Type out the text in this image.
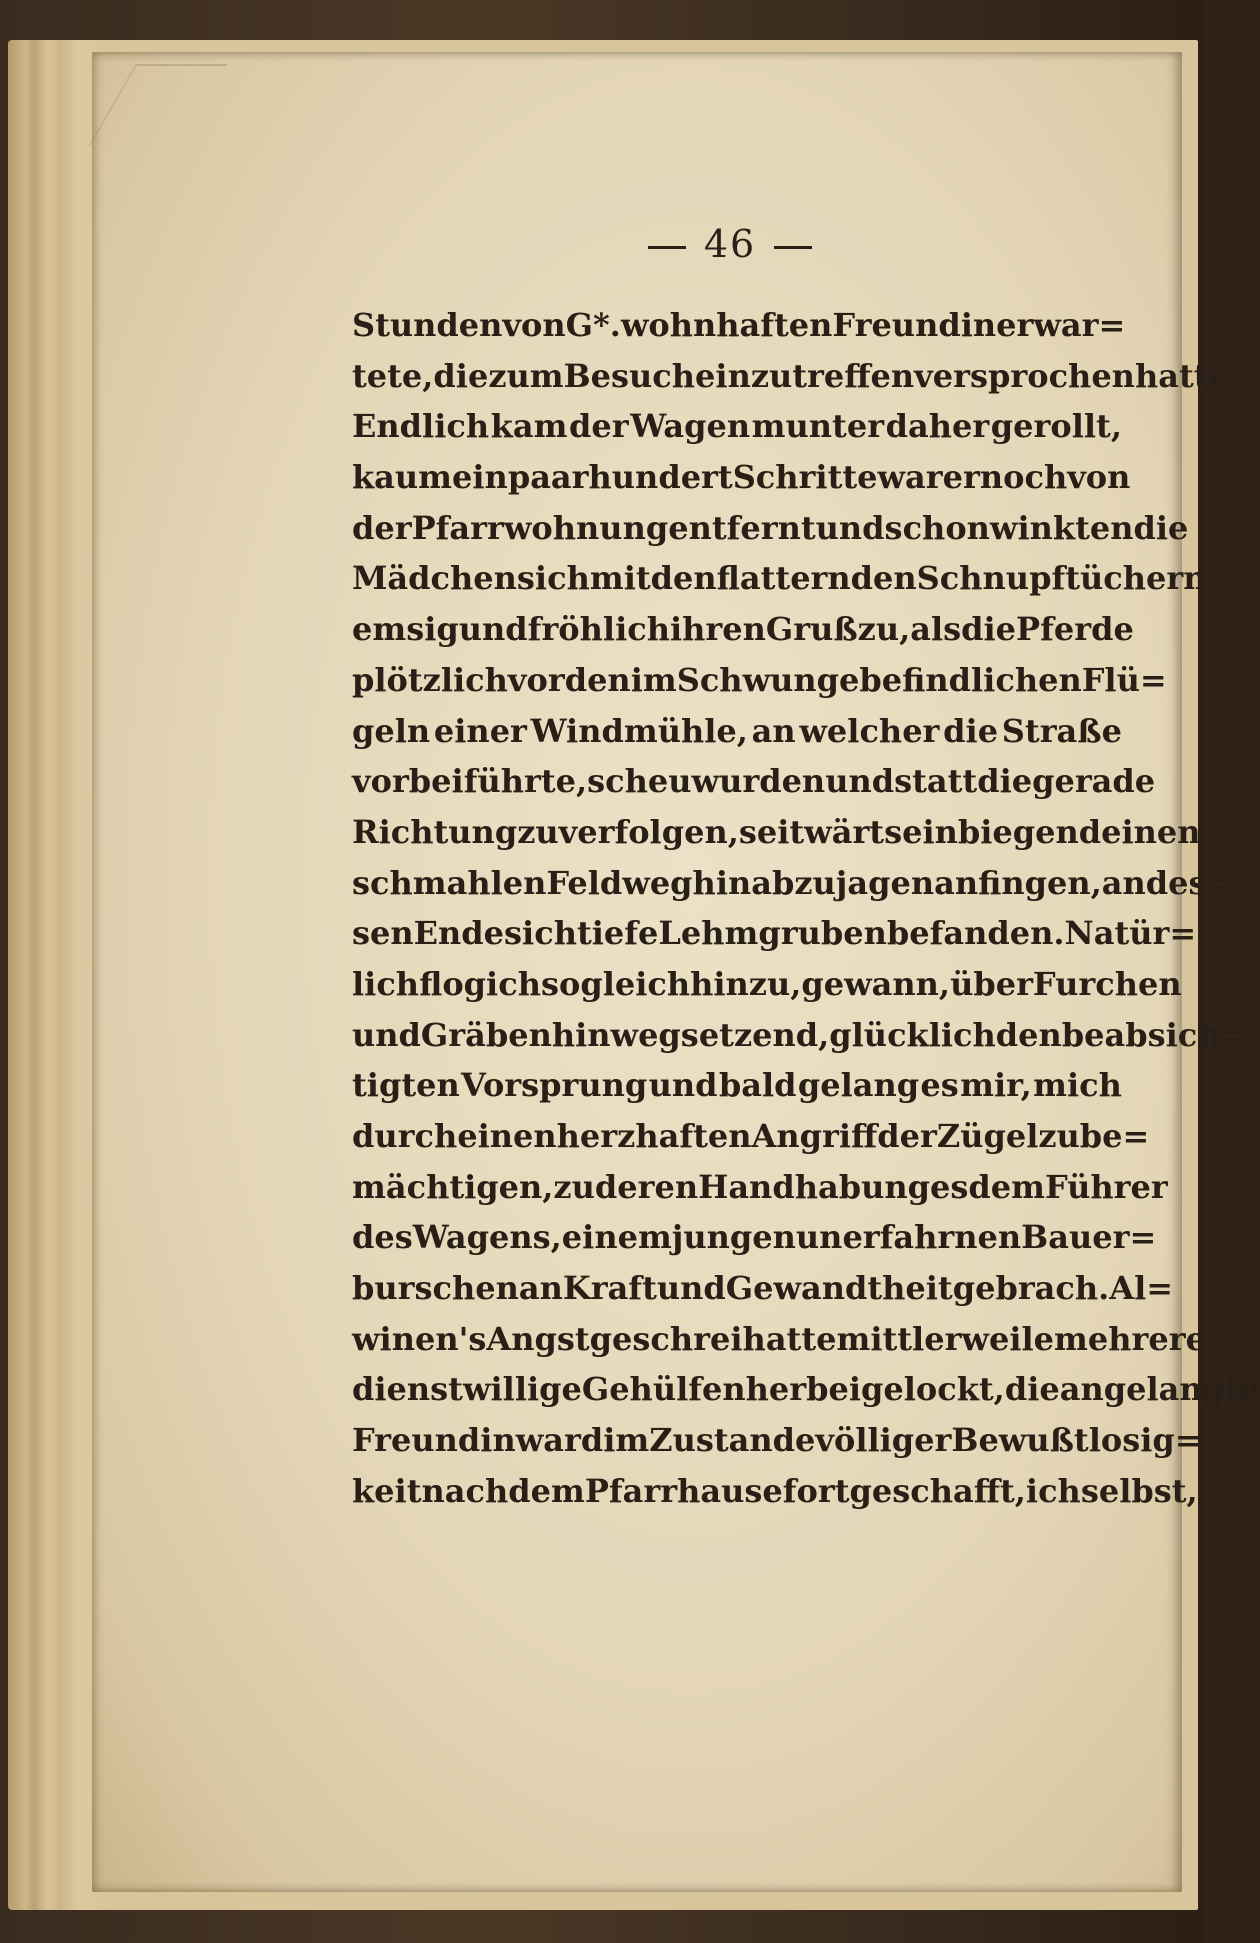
46
Stunden von G*. wohnhaften Freundin erwar=
tete, die zum Besuch einzutreffen versprochen hatte.
Endlich kam der Wagen munter daher gerollt,
kaum ein paar hundert Schritte war er noch von
der Pfarrwohnung entfernt und schon winkten die
Mädchen sich mit den flatternden Schnupftüchern
emsig und fröhlich ihren Gruß zu, als die Pferde
plötzlich vor den im Schwunge befindlichen Flü=
geln einer Windmühle, an welcher die Straße
vorbei führte, scheu wurden und statt die gerade
Richtung zu verfolgen, seitwärts einbiegend einen
schmahlen Feldweg hinabzujagen anfingen, an des=
sen Ende sich tiefe Lehmgruben befanden. Natür=
lich flog ich sogleich hinzu, gewann, über Furchen
und Gräben hinwegsetzend, glücklich den beabsich=
tigten Vorsprung und bald gelang es mir, mich
durch einen herzhaften Angriff der Zügel zu be=
mächtigen, zu deren Handhabung es dem Führer
des Wagens, einem jungen unerfahrnen Bauer=
burschen an Kraft und Gewandtheit gebrach. Al=
winen's Angstgeschrei hatte mittlerweile mehrere
dienstwillige Gehülfen herbeigelockt, die angelangte
Freundin ward im Zustande völliger Bewußtlosig=
keit nach dem Pfarrhause fortgeschafft, ich selbst,
